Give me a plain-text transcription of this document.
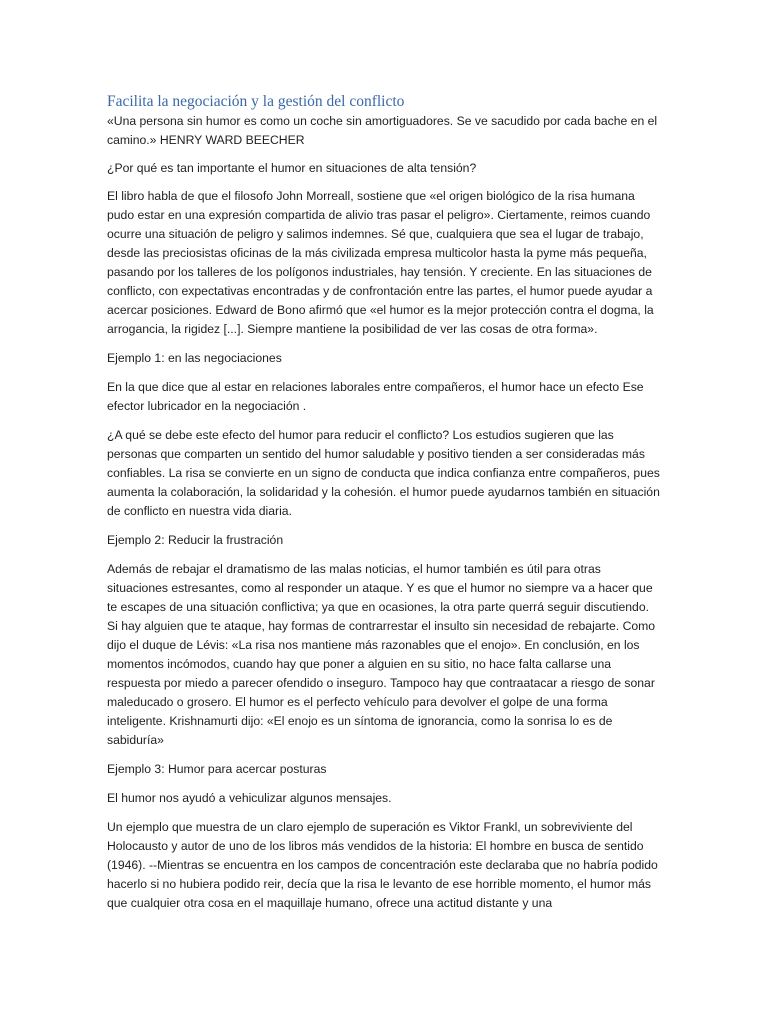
Facilita la negociación y la gestión del conflicto

«Una persona sin humor es como un coche sin amortiguadores. Se ve sacudido por cada bache en el camino.» HENRY WARD BEECHER

¿Por qué es tan importante el humor en situaciones de alta tensión?

El libro habla de que el filosofo John Morreall, sostiene que «el origen biológico de la risa humana pudo estar en una expresión compartida de alivio tras pasar el peligro». Ciertamente, reimos cuando ocurre una situación de peligro y salimos indemnes. Sé que, cualquiera que sea el lugar de trabajo, desde las preciosistas oficinas de la más civilizada empresa multicolor hasta la pyme más pequeña, pasando por los talleres de los polígonos industriales, hay tensión. Y creciente. En las situaciones de conflicto, con expectativas encontradas y de confrontación entre las partes, el humor puede ayudar a acercar posiciones. Edward de Bono afirmó que «el humor es la mejor protección contra el dogma, la arrogancia, la rigidez [...]. Siempre mantiene la posibilidad de ver las cosas de otra forma».

Ejemplo 1: en las negociaciones

En la que dice que al estar en relaciones laborales entre compañeros, el humor hace un efecto Ese efector lubricador en la negociación .

¿A qué se debe este efecto del humor para reducir el conflicto? Los estudios sugieren que las personas que comparten un sentido del humor saludable y positivo tienden a ser consideradas más confiables. La risa se convierte en un signo de conducta que indica confianza entre compañeros, pues aumenta la colaboración, la solidaridad y la cohesión. el humor puede ayudarnos también en situación de conflicto en nuestra vida diaria.

Ejemplo 2: Reducir la frustración

Además de rebajar el dramatismo de las malas noticias, el humor también es útil para otras situaciones estresantes, como al responder un ataque. Y es que el humor no siempre va a hacer que te escapes de una situación conflictiva; ya que en ocasiones, la otra parte querrá seguir discutiendo. Si hay alguien que te ataque, hay formas de contrarrestar el insulto sin necesidad de rebajarte. Como dijo el duque de Lévis: «La risa nos mantiene más razonables que el enojo». En conclusión, en los momentos incómodos, cuando hay que poner a alguien en su sitio, no hace falta callarse una respuesta por miedo a parecer ofendido o inseguro. Tampoco hay que contraatacar a riesgo de sonar maleducado o grosero. El humor es el perfecto vehículo para devolver el golpe de una forma inteligente. Krishnamurti dijo: «El enojo es un síntoma de ignorancia, como la sonrisa lo es de sabiduría»

Ejemplo 3: Humor para acercar posturas

El humor nos ayudó a vehiculizar algunos mensajes.

Un ejemplo que muestra de un claro ejemplo de superación es Viktor Frankl, un sobreviviente del Holocausto y autor de uno de los libros más vendidos de la historia: El hombre en busca de sentido (1946). --Mientras se encuentra en los campos de concentración este declaraba que no habría podido hacerlo si no hubiera podido reir, decía que la risa le levanto de ese horrible momento, el humor más que cualquier otra cosa en el maquillaje humano, ofrece una actitud distante y una
